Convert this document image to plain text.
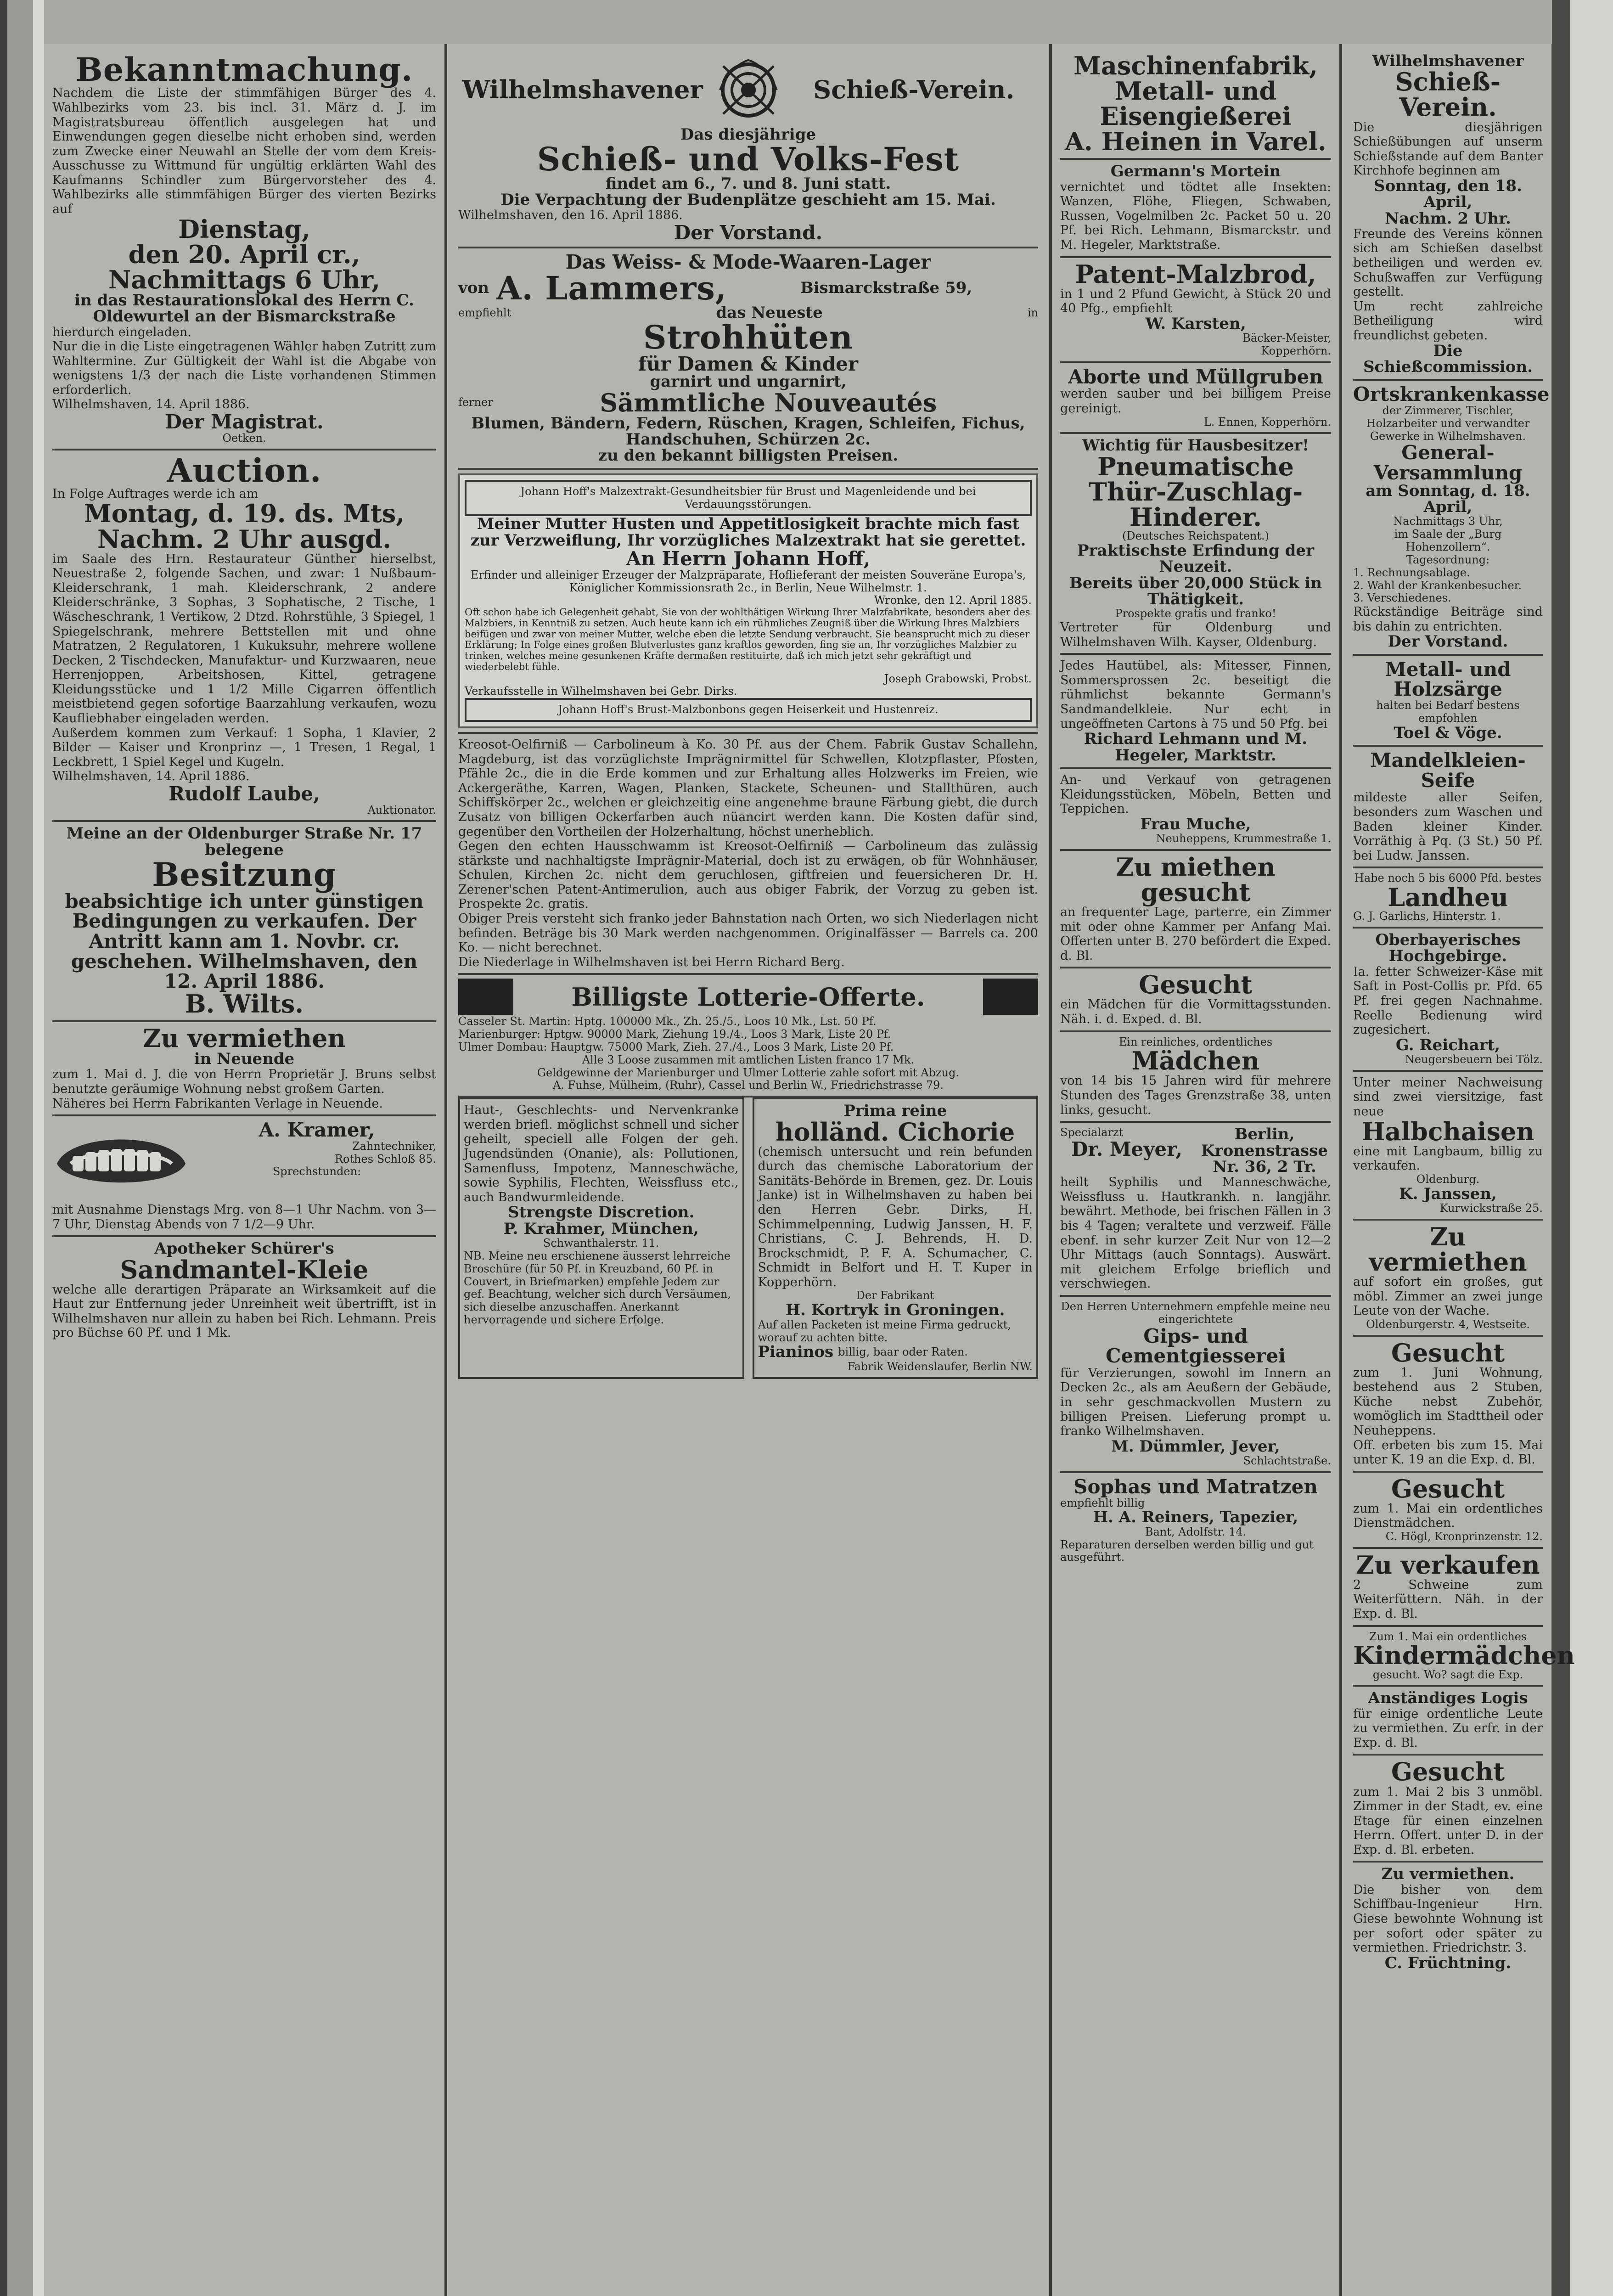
Bekanntmachung.
Nachdem die Liste der stimmfähigen Bürger des 4. Wahlbezirks vom 23. bis incl. 31. März d. J. im Magistratsbureau öffentlich ausgelegen hat und Einwendungen gegen dieselbe nicht erhoben sind, werden zum Zwecke einer Neuwahl an Stelle der vom dem Kreis-Ausschusse zu Wittmund für ungültig erklärten Wahl des Kaufmanns Schindler zum Bürgervorsteher des 4. Wahlbezirks alle stimmfähigen Bürger des vierten Bezirks auf
Dienstag,
den 20. April cr.,
Nachmittags 6 Uhr,
in das Restaurationslokal des Herrn C. Oldewurtel an der Bismarckstraße
hierdurch eingeladen.
Nur die in die Liste eingetragenen Wähler haben Zutritt zum Wahltermine. Zur Gültigkeit der Wahl ist die Abgabe von wenigstens 1/3 der nach die Liste vorhandenen Stimmen erforderlich.
Wilhelmshaven, 14. April 1886.
Der Magistrat.
Oetken.
Auction.
In Folge Auftrages werde ich am
Montag, d. 19. ds. Mts,
Nachm. 2 Uhr ausgd.
im Saale des Hrn. Restaurateur Günther hierselbst, Neuestraße 2, folgende Sachen, und zwar: 1 Nußbaum-Kleiderschrank, 1 mah. Kleiderschrank, 2 andere Kleiderschränke, 3 Sophas, 3 Sophatische, 2 Tische, 1 Wäscheschrank, 1 Vertikow, 2 Dtzd. Rohrstühle, 3 Spiegel, 1 Spiegelschrank, mehrere Bettstellen mit und ohne Matratzen, 2 Regulatoren, 1 Kukuksuhr, mehrere wollene Decken, 2 Tischdecken, Manufaktur- und Kurzwaaren, neue Herrenjoppen, Arbeitshosen, Kittel, getragene Kleidungsstücke und 1 1/2 Mille Cigarren öffentlich meistbietend gegen sofortige Baarzahlung verkaufen, wozu Kaufliebhaber eingeladen werden.
Außerdem kommen zum Verkauf: 1 Sopha, 1 Klavier, 2 Bilder — Kaiser und Kronprinz —, 1 Tresen, 1 Regal, 1 Leckbrett, 1 Spiel Kegel und Kugeln.
Wilhelmshaven, 14. April 1886.
Rudolf Laube,
Auktionator.
Meine an der Oldenburger Straße Nr. 17 belegene
Besitzung
beabsichtige ich unter günstigen Bedingungen zu verkaufen. Der Antritt kann am 1. Novbr. cr. geschehen. Wilhelmshaven, den 12. April 1886.
B. Wilts.
Zu vermiethen
in Neuende
zum 1. Mai d. J. die von Herrn Proprietär J. Bruns selbst benutzte geräumige Wohnung nebst großem Garten.
Näheres bei Herrn Fabrikanten Verlage in Neuende.
A. Kramer,
Zahntechniker,
Rothes Schloß 85.
Sprechstunden:
mit Ausnahme Dienstags Mrg. von 8—1 Uhr Nachm. von 3—7 Uhr, Dienstag Abends von 7 1/2—9 Uhr.
Apotheker Schürer's
Sandmantel-Kleie
welche alle derartigen Präparate an Wirksamkeit auf die Haut zur Entfernung jeder Unreinheit weit übertrifft, ist in Wilhelmshaven nur allein zu haben bei Rich. Lehmann. Preis pro Büchse 60 Pf. und 1 Mk.
Wilhelmshavener	Schieß-Verein.
Das diesjährige
Schieß- und Volks-Fest
findet am 6., 7. und 8. Juni statt.
Die Verpachtung der Budenplätze geschieht am 15. Mai.
Wilhelmshaven, den 16. April 1886.
Der Vorstand.
Das Weiss- & Mode-Waaren-Lager
von A. Lammers,	Bismarckstraße 59,
empfiehlt	das Neueste	in
Strohhüten
für Damen & Kinder
garnirt und ungarnirt,
ferner	Sämmtliche Nouveautés
Blumen, Bändern, Federn, Rüschen, Kragen, Schleifen, Fichus, Handschuhen, Schürzen 2c.
zu den bekannt billigsten Preisen.
Johann Hoff's Malzextrakt-Gesundheitsbier für Brust und Magenleidende und bei Verdauungsstörungen.
Meiner Mutter Husten und Appetitlosigkeit brachte mich fast zur Verzweiflung, Ihr vorzügliches Malzextrakt hat sie gerettet.
An Herrn Johann Hoff,
Erfinder und alleiniger Erzeuger der Malzpräparate, Hoflieferant der meisten Souveräne Europa's, Königlicher Kommissionsrath 2c., in Berlin, Neue Wilhelmstr. 1.
Wronke, den 12. April 1885.
Oft schon habe ich Gelegenheit gehabt, Sie von der wohlthätigen Wirkung Ihrer Malzfabrikate, besonders aber des Malzbiers, in Kenntniß zu setzen. Auch heute kann ich ein rühmliches Zeugniß über die Wirkung Ihres Malzbiers beifügen und zwar von meiner Mutter, welche eben die letzte Sendung verbraucht. Sie beansprucht mich zu dieser Erklärung; In Folge eines großen Blutverlustes ganz kraftlos geworden, fing sie an, Ihr vorzügliches Malzbier zu trinken, welches meine gesunkenen Kräfte dermaßen restituirte, daß ich mich jetzt sehr gekräftigt und wiederbelebt fühle.
Joseph Grabowski, Probst.
Verkaufsstelle in Wilhelmshaven bei Gebr. Dirks.
Johann Hoff's Brust-Malzbonbons gegen Heiserkeit und Hustenreiz.
Kreosot-Oelfirniß — Carbolineum à Ko. 30 Pf. aus der Chem. Fabrik Gustav Schallehn, Magdeburg, ist das vorzüglichste Imprägnirmittel für Schwellen, Klotzpflaster, Pfosten, Pfähle 2c., die in die Erde kommen und zur Erhaltung alles Holzwerks im Freien, wie Ackergeräthe, Karren, Wagen, Planken, Stackete, Scheunen- und Stallthüren, auch Schiffskörper 2c., welchen er gleichzeitig eine angenehme braune Färbung giebt, die durch Zusatz von billigen Ockerfarben auch nüancirt werden kann. Die Kosten dafür sind, gegenüber den Vortheilen der Holzerhaltung, höchst unerheblich.
Gegen den echten Hausschwamm ist Kreosot-Oelfirniß — Carbolineum das zulässig stärkste und nachhaltigste Imprägnir-Material, doch ist zu erwägen, ob für Wohnhäuser, Schulen, Kirchen 2c. nicht dem geruchlosen, giftfreien und feuersicheren Dr. H. Zerener'schen Patent-Antimerulion, auch aus obiger Fabrik, der Vorzug zu geben ist. Prospekte 2c. gratis.
Obiger Preis versteht sich franko jeder Bahnstation nach Orten, wo sich Niederlagen nicht befinden. Beträge bis 30 Mark werden nachgenommen. Originalfässer — Barrels ca. 200 Ko. — nicht berechnet.
Die Niederlage in Wilhelmshaven ist bei Herrn Richard Berg.
Billigste Lotterie-Offerte.
Casseler St. Martin: Hptg. 100000 Mk., Zh. 25./5., Loos 10 Mk., Lst. 50 Pf.
Marienburger: Hptgw. 90000 Mark, Ziehung 19./4., Loos 3 Mark, Liste 20 Pf.
Ulmer Dombau: Hauptgw. 75000 Mark, Zieh. 27./4., Loos 3 Mark, Liste 20 Pf.
Alle 3 Loose zusammen mit amtlichen Listen franco 17 Mk.
Geldgewinne der Marienburger und Ulmer Lotterie zahle sofort mit Abzug.
A. Fuhse, Mülheim, (Ruhr), Cassel und Berlin W., Friedrichstrasse 79.
Haut-, Geschlechts- und Nervenkranke werden briefl. möglichst schnell und sicher geheilt, speciell alle Folgen der geh. Jugendsünden (Onanie), als: Pollutionen, Samenfluss, Impotenz, Manneschwäche, sowie Syphilis, Flechten, Weissfluss etc., auch Bandwurmleidende.
Strengste Discretion.
P. Krahmer, München,
Schwanthalerstr. 11.
NB. Meine neu erschienene äusserst lehrreiche Broschüre (für 50 Pf. in Kreuzband, 60 Pf. in Couvert, in Briefmarken) empfehle Jedem zur gef. Beachtung, welcher sich durch Versäumen, sich dieselbe anzuschaffen. Anerkannt hervorragende und sichere Erfolge.
Prima reine
holländ. Cichorie
(chemisch untersucht und rein befunden durch das chemische Laboratorium der Sanitäts-Behörde in Bremen, gez. Dr. Louis Janke) ist in Wilhelmshaven zu haben bei den Herren Gebr. Dirks, H. Schimmelpenning, Ludwig Janssen, H. F. Christians, C. J. Behrends, H. D. Brockschmidt, P. F. A. Schumacher, C. Schmidt in Belfort und H. T. Kuper in Kopperhörn.
Der Fabrikant
H. Kortryk in Groningen.
Auf allen Packeten ist meine Firma gedruckt, worauf zu achten bitte.
Pianinos billig, baar oder Raten.
Fabrik Weidenslaufer, Berlin NW.
Maschinenfabrik, Metall- und Eisengießerei
A. Heinen in Varel.
Germann's Mortein
vernichtet und tödtet alle Insekten: Wanzen, Flöhe, Fliegen, Schwaben, Russen, Vogelmilben 2c. Packet 50 u. 20 Pf. bei Rich. Lehmann, Bismarckstr. und M. Hegeler, Marktstraße.
Patent-Malzbrod,
in 1 und 2 Pfund Gewicht, à Stück 20 und 40 Pfg., empfiehlt
W. Karsten,
Bäcker-Meister,
Kopperhörn.
Aborte und Müllgruben
werden sauber und bei billigem Preise gereinigt.
L. Ennen, Kopperhörn.
Wichtig für Hausbesitzer!
Pneumatische Thür-Zuschlag-Hinderer.
(Deutsches Reichspatent.)
Praktischste Erfindung der Neuzeit.
Bereits über 20,000 Stück in Thätigkeit.
Prospekte gratis und franko!
Vertreter für Oldenburg und Wilhelmshaven Wilh. Kayser, Oldenburg.
Jedes Hautübel, als: Mitesser, Finnen, Sommersprossen 2c. beseitigt die rühmlichst bekannte Germann's Sandmandelkleie. Nur echt in ungeöffneten Cartons à 75 und 50 Pfg. bei
Richard Lehmann und M. Hegeler, Marktstr.
An- und Verkauf von getragenen Kleidungsstücken, Möbeln, Betten und Teppichen.
Frau Muche,
Neuheppens, Krummestraße 1.
Zu miethen gesucht
an frequenter Lage, parterre, ein Zimmer mit oder ohne Kammer per Anfang Mai. Offerten unter B. 270 befördert die Exped. d. Bl.
Gesucht
ein Mädchen für die Vormittagsstunden. Näh. i. d. Exped. d. Bl.
Ein reinliches, ordentliches
Mädchen
von 14 bis 15 Jahren wird für mehrere Stunden des Tages Grenzstraße 38, unten links, gesucht.
Specialarzt
Dr. Meyer,
Berlin,
Kronenstrasse Nr. 36, 2 Tr.
heilt Syphilis und Manneschwäche, Weissfluss u. Hautkrankh. n. langjähr. bewährt. Methode, bei frischen Fällen in 3 bis 4 Tagen; veraltete und verzweif. Fälle ebenf. in sehr kurzer Zeit Nur von 12—2 Uhr Mittags (auch Sonntags). Auswärt. mit gleichem Erfolge brieflich und verschwiegen.
Den Herren Unternehmern empfehle meine neu eingerichtete
Gips- und Cementgiesserei
für Verzierungen, sowohl im Innern an Decken 2c., als am Aeußern der Gebäude, in sehr geschmackvollen Mustern zu billigen Preisen. Lieferung prompt u. franko Wilhelmshaven.
M. Dümmler, Jever,
Schlachtstraße.
Sophas und Matratzen
empfiehlt billig
H. A. Reiners, Tapezier,
Bant, Adolfstr. 14.
Reparaturen derselben werden billig und gut ausgeführt.
Wilhelmshavener
Schieß-Verein.
Die diesjährigen Schießübungen auf unserm Schießstande auf dem Banter Kirchhofe beginnen am
Sonntag, den 18. April,
Nachm. 2 Uhr.
Freunde des Vereins können sich am Schießen daselbst betheiligen und werden ev. Schußwaffen zur Verfügung gestellt.
Um recht zahlreiche Betheiligung wird freundlichst gebeten.
Die Schießcommission.
Ortskrankenkasse
der Zimmerer, Tischler, Holzarbeiter und verwandter Gewerke in Wilhelmshaven.
General-Versammlung
am Sonntag, d. 18. April,
Nachmittags 3 Uhr,
im Saale der „Burg Hohenzollern“.
Tagesordnung:
1. Rechnungsablage.
2. Wahl der Krankenbesucher.
3. Verschiedenes.
Rückständige Beiträge sind bis dahin zu entrichten.
Der Vorstand.
Metall- und Holzsärge
halten bei Bedarf bestens empfohlen
Toel & Vöge.
Mandelkleien-Seife
mildeste aller Seifen, besonders zum Waschen und Baden kleiner Kinder. Vorräthig à Pq. (3 St.) 50 Pf. bei Ludw. Janssen.
Habe noch 5 bis 6000 Pfd. bestes
Landheu
G. J. Garlichs, Hinterstr. 1.
Oberbayerisches Hochgebirge.
Ia. fetter Schweizer-Käse mit Saft in Post-Collis pr. Pfd. 65 Pf. frei gegen Nachnahme. Reelle Bedienung wird zugesichert.
G. Reichart,
Neugersbeuern bei Tölz.
Unter meiner Nachweisung sind zwei viersitzige, fast neue
Halbchaisen
eine mit Langbaum, billig zu verkaufen.
Oldenburg.
K. Janssen,
Kurwickstraße 25.
Zu vermiethen
auf sofort ein großes, gut möbl. Zimmer an zwei junge Leute von der Wache.
Oldenburgerstr. 4, Westseite.
Gesucht
zum 1. Juni Wohnung, bestehend aus 2 Stuben, Küche nebst Zubehör, womöglich im Stadttheil oder Neuheppens.
Off. erbeten bis zum 15. Mai unter K. 19 an die Exp. d. Bl.
Gesucht
zum 1. Mai ein ordentliches Dienstmädchen.
C. Högl, Kronprinzenstr. 12.
Zu verkaufen
2 Schweine zum Weiterfüttern. Näh. in der Exp. d. Bl.
Zum 1. Mai ein ordentliches
Kindermädchen
gesucht. Wo? sagt die Exp.
Anständiges Logis
für einige ordentliche Leute zu vermiethen. Zu erfr. in der Exp. d. Bl.
Gesucht
zum 1. Mai 2 bis 3 unmöbl. Zimmer in der Stadt, ev. eine Etage für einen einzelnen Herrn. Offert. unter D. in der Exp. d. Bl. erbeten.
Zu vermiethen.
Die bisher von dem Schiffbau-Ingenieur Hrn. Giese bewohnte Wohnung ist per sofort oder später zu vermiethen. Friedrichstr. 3.
C. Früchtning.
